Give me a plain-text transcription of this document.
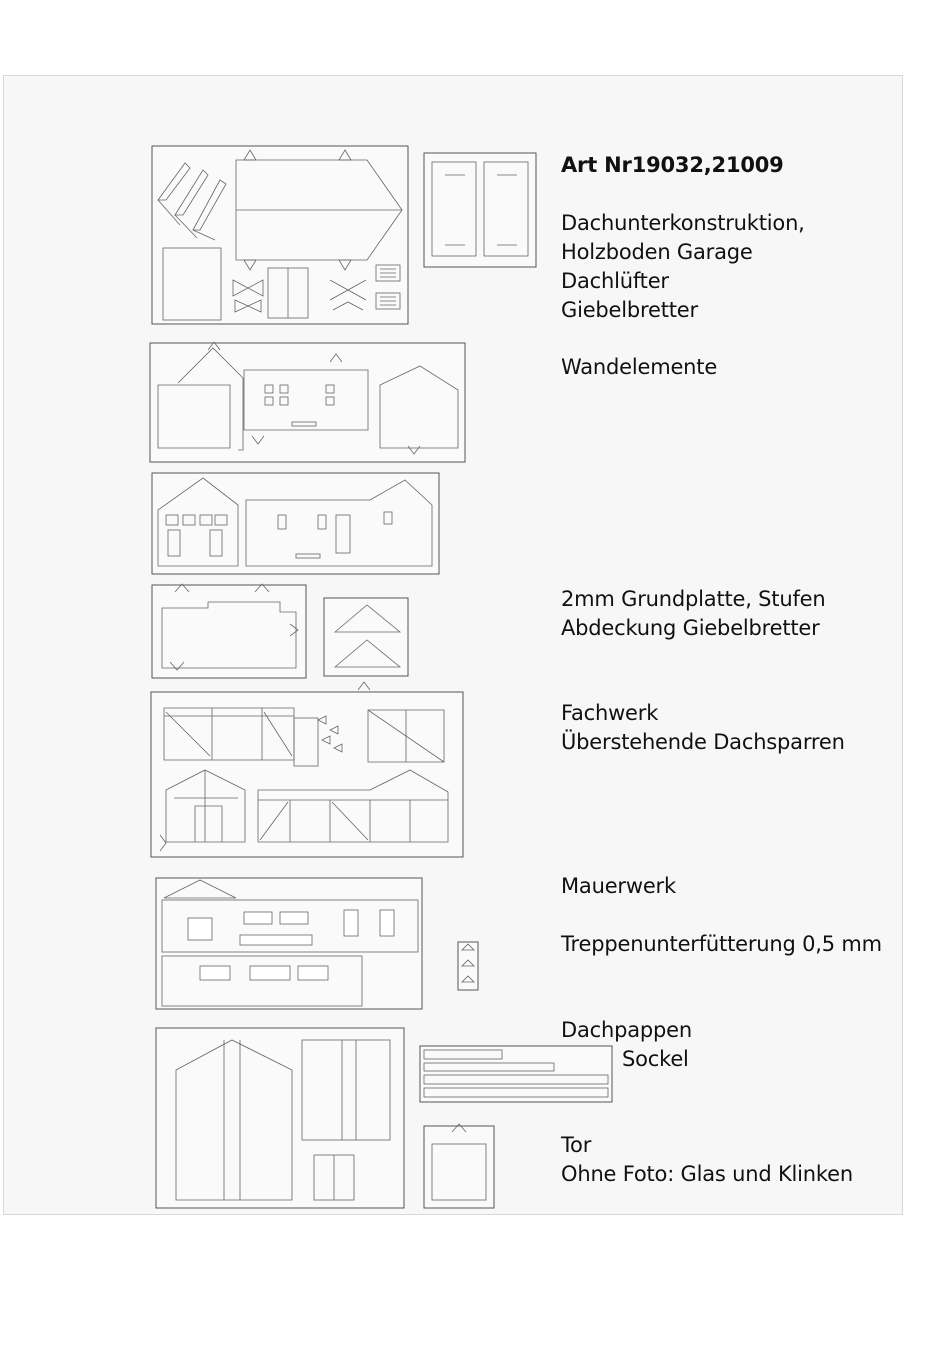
Art Nr19032,21009
Dachunterkonstruktion,
Holzboden Garage
Dachlüfter
Giebelbretter
Wandelemente
2mm Grundplatte, Stufen
Abdeckung Giebelbretter
Fachwerk
Überstehende Dachsparren
Mauerwerk
Treppenunterfütterung 0,5 mm
Dachpappen
Sockel
Tor
Ohne Foto: Glas und Klinken
